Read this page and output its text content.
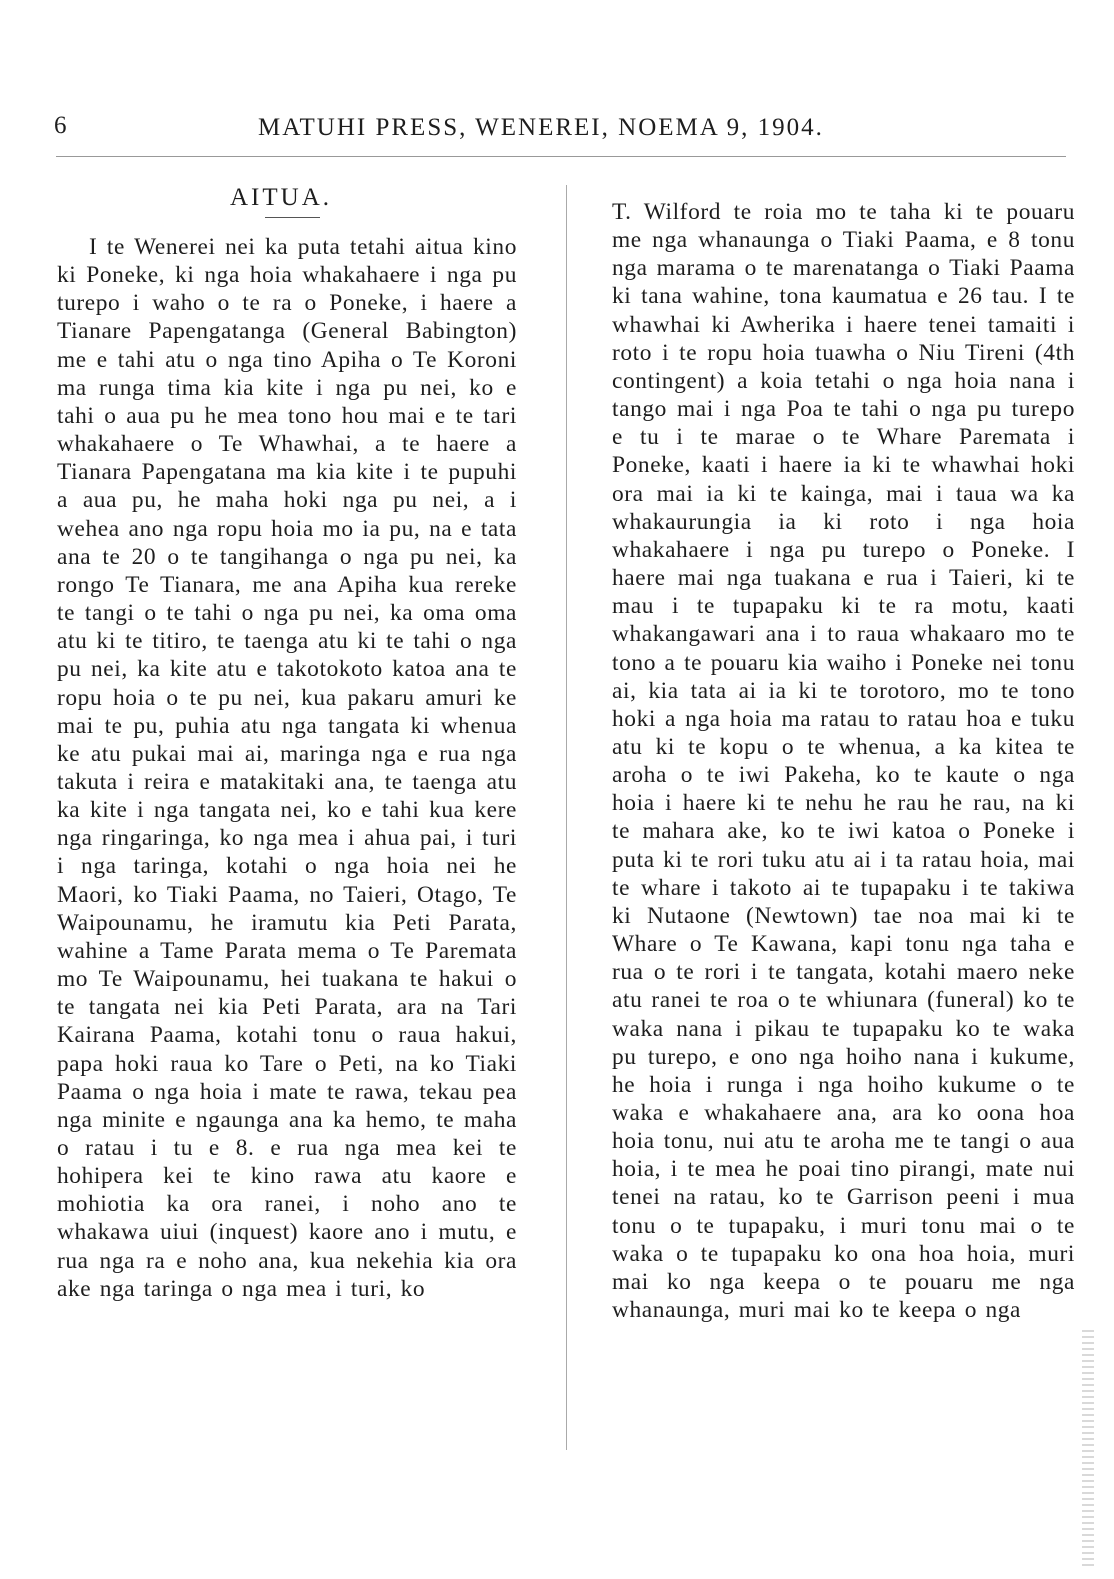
6	MATUHI PRESS, WENEREI, NOEMA 9, 1904.
AITUA.
I te Wenerei nei ka puta tetahi aitua kino ki Poneke, ki nga hoia whakahaere i nga pu turepo i waho o te ra o Poneke, i haere a Tianare Papengatanga (General Babington) me e tahi atu o nga tino Apiha o Te Koroni ma runga tima kia kite i nga pu nei, ko e tahi o aua pu he mea tono hou mai e te tari whakahaere o Te Whawhai, a te haere a Tianara Papengatana ma kia kite i te pupuhi a aua pu, he maha hoki nga pu nei, a i wehea ano nga ropu hoia mo ia pu, na e tata ana te 20 o te tangihanga o nga pu nei, ka rongo Te Tianara, me ana Apiha kua rereke te tangi o te tahi o nga pu nei, ka oma oma atu ki te titiro, te taenga atu ki te tahi o nga pu nei, ka kite atu e takotokoto katoa ana te ropu hoia o te pu nei, kua pakaru amuri ke mai te pu, puhia atu nga tangata ki whenua ke atu pukai mai ai, maringa nga e rua nga takuta i reira e matakitaki ana, te taenga atu ka kite i nga tangata nei, ko e tahi kua kere nga ringaringa, ko nga mea i ahua pai, i turi i nga taringa, kotahi o nga hoia nei he Maori, ko Tiaki Paama, no Taieri, Otago, Te Waipounamu, he iramutu kia Peti Parata, wahine a Tame Parata mema o Te Paremata mo Te Waipounamu, hei tuakana te hakui o te tangata nei kia Peti Parata, ara na Tari Kairana Paama, kotahi tonu o raua hakui, papa hoki raua ko Tare o Peti, na ko Tiaki Paama o nga hoia i mate te rawa, tekau pea nga minite e ngaunga ana ka hemo, te maha o ratau i tu e 8. e rua nga mea kei te hohipera kei te kino rawa atu kaore e mohiotia ka ora ranei, i noho ano te whakawa uiui (inquest) kaore ano i mutu, e rua nga ra e noho ana, kua nekehia kia ora ake nga taringa o nga mea i turi, ko
T. Wilford te roia mo te taha ki te pouaru me nga whanaunga o Tiaki Paama, e 8 tonu nga marama o te marenatanga o Tiaki Paama ki tana wahine, tona kaumatua e 26 tau. I te whawhai ki Awherika i haere tenei tamaiti i roto i te ropu hoia tuawha o Niu Tireni (4th contingent) a koia tetahi o nga hoia nana i tango mai i nga Poa te tahi o nga pu turepo e tu i te marae o te Whare Paremata i Poneke, kaati i haere ia ki te whawhai hoki ora mai ia ki te kainga, mai i taua wa ka whakaurungia ia ki roto i nga hoia whakahaere i nga pu turepo o Poneke. I haere mai nga tuakana e rua i Taieri, ki te mau i te tupapaku ki te ra motu, kaati whakangawari ana i to raua whakaaro mo te tono a te pouaru kia waiho i Poneke nei tonu ai, kia tata ai ia ki te torotoro, mo te tono hoki a nga hoia ma ratau to ratau hoa e tuku atu ki te kopu o te whenua, a ka kitea te aroha o te iwi Pakeha, ko te kaute o nga hoia i haere ki te nehu he rau he rau, na ki te mahara ake, ko te iwi katoa o Poneke i puta ki te rori tuku atu ai i ta ratau hoia, mai te whare i takoto ai te tupapaku i te takiwa ki Nutaone (Newtown) tae noa mai ki te Whare o Te Kawana, kapi tonu nga taha e rua o te rori i te tangata, kotahi maero neke atu ranei te roa o te whiunara (funeral) ko te waka nana i pikau te tupapaku ko te waka pu turepo, e ono nga hoiho nana i kukume, he hoia i runga i nga hoiho kukume o te waka e whakahaere ana, ara ko oona hoa hoia tonu, nui atu te aroha me te tangi o aua hoia, i te mea he poai tino pirangi, mate nui tenei na ratau, ko te Garrison peeni i mua tonu o te tupapaku, i muri tonu mai o te waka o te tupapaku ko ona hoa hoia, muri mai ko nga keepa o te pouaru me nga whanaunga, muri mai ko te keepa o nga
